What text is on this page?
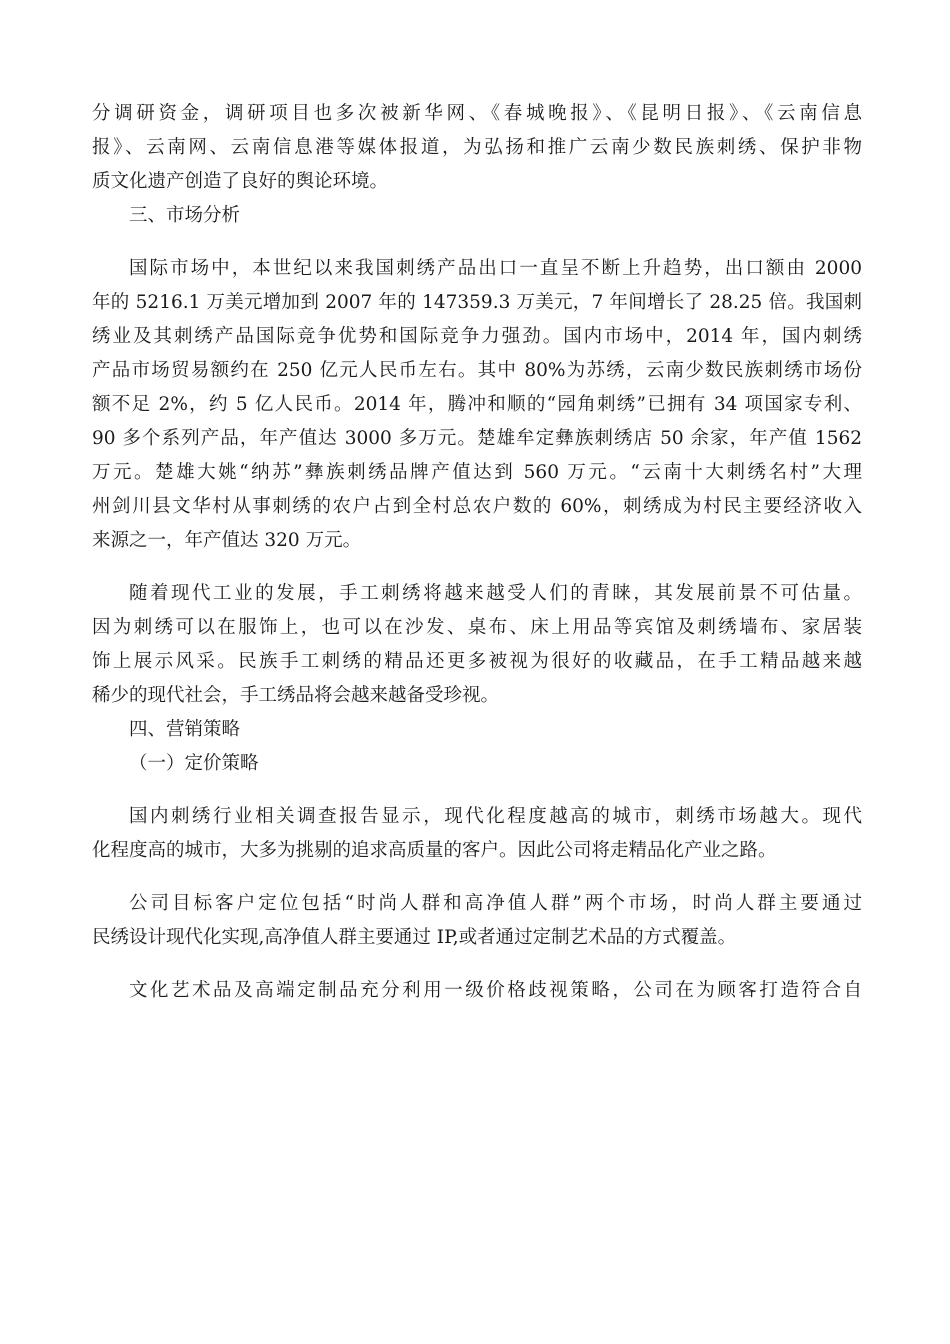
分调研资金，调研项目也多次被新华网、《春城晚报》、《昆明日报》、《云南信息
报》、云南网、云南信息港等媒体报道，为弘扬和推广云南少数民族刺绣、保护非物
质文化遗产创造了良好的舆论环境。

三、市场分析

国际市场中，本世纪以来我国刺绣产品出口一直呈不断上升趋势，出口额由 2000
年的 5216.1 万美元增加到 2007 年的 147359.3 万美元，7 年间增长了 28.25 倍。我国刺
绣业及其刺绣产品国际竞争优势和国际竞争力强劲。国内市场中，2014 年，国内刺绣
产品市场贸易额约在 250 亿元人民币左右。其中 80%为苏绣，云南少数民族刺绣市场份
额不足 2%，约 5 亿人民币。2014 年，腾冲和顺的“园角刺绣”已拥有 34 项国家专利、
90 多个系列产品，年产值达 3000 多万元。楚雄牟定彝族刺绣店 50 余家，年产值 1562
万元。楚雄大姚“纳苏”彝族刺绣品牌产值达到 560 万元。“云南十大刺绣名村”大理
州剑川县文华村从事刺绣的农户占到全村总农户数的 60%，刺绣成为村民主要经济收入
来源之一，年产值达 320 万元。

随着现代工业的发展，手工刺绣将越来越受人们的青睐，其发展前景不可估量。
因为刺绣可以在服饰上，也可以在沙发、桌布、床上用品等宾馆及刺绣墙布、家居装
饰上展示风采。民族手工刺绣的精品还更多被视为很好的收藏品，在手工精品越来越
稀少的现代社会，手工绣品将会越来越备受珍视。

四、营销策略

（一）定价策略

国内刺绣行业相关调查报告显示，现代化程度越高的城市，刺绣市场越大。现代
化程度高的城市，大多为挑剔的追求高质量的客户。因此公司将走精品化产业之路。

公司目标客户定位包括“时尚人群和高净值人群”两个市场，时尚人群主要通过
民绣设计现代化实现,高净值人群主要通过 IP,或者通过定制艺术品的方式覆盖。

文化艺术品及高端定制品充分利用一级价格歧视策略，公司在为顾客打造符合自
